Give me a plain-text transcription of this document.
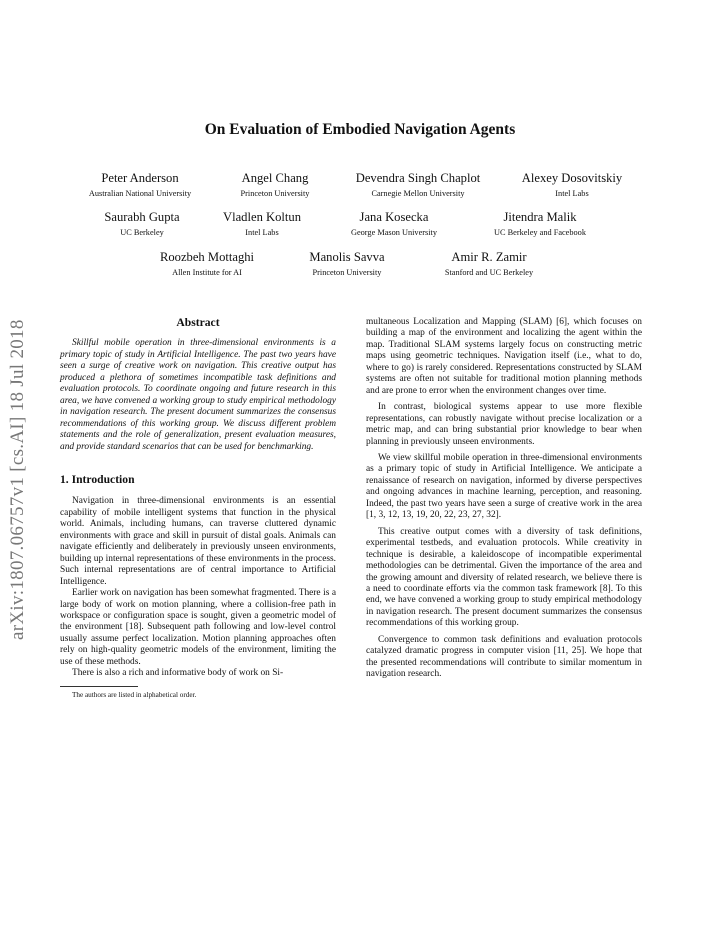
On Evaluation of Embodied Navigation Agents
Peter Anderson
Australian National University
Angel Chang
Princeton University
Devendra Singh Chaplot
Carnegie Mellon University
Alexey Dosovitskiy
Intel Labs
Saurabh Gupta
UC Berkeley
Vladlen Koltun
Intel Labs
Jana Kosecka
George Mason University
Jitendra Malik
UC Berkeley and Facebook
Roozbeh Mottaghi
Allen Institute for AI
Manolis Savva
Princeton University
Amir R. Zamir
Stanford and UC Berkeley
arXiv:1807.06757v1 [cs.AI] 18 Jul 2018	Abstract

Skillful mobile operation in three-dimensional environments is a primary topic of study in Artificial Intelligence. The past two years have seen a surge of creative work on navigation. This creative output has produced a plethora of sometimes incompatible task definitions and evaluation protocols. To coordinate ongoing and future research in this area, we have convened a working group to study empirical methodology in navigation research. The present document summarizes the consensus recommendations of this working group. We discuss different problem statements and the role of generalization, present evaluation measures, and provide standard scenarios that can be used for benchmarking.

1. Introduction

Navigation in three-dimensional environments is an essential capability of mobile intelligent systems that function in the physical world. Animals, including humans, can traverse cluttered dynamic environments with grace and skill in pursuit of distal goals. Animals can navigate efficiently and deliberately in previously unseen environments, building up internal representations of these environments in the process. Such internal representations are of central importance to Artificial Intelligence.

Earlier work on navigation has been somewhat fragmented. There is a large body of work on motion planning, where a collision-free path in workspace or configuration space is sought, given a geometric model of the environment [18]. Subsequent path following and low-level control usually assume perfect localization. Motion planning approaches often rely on high-quality geometric models of the environment, limiting the use of these methods.

There is also a rich and informative body of work on Si-

The authors are listed in alphabetical order.

multaneous Localization and Mapping (SLAM) [6], which focuses on building a map of the environment and localizing the agent within the map. Traditional SLAM systems largely focus on constructing metric maps using geometric techniques. Navigation itself (i.e., what to do, where to go) is rarely considered. Representations constructed by SLAM systems are often not suitable for traditional motion planning methods and are prone to error when the environment changes over time.

In contrast, biological systems appear to use more flexible representations, can robustly navigate without precise localization or a metric map, and can bring substantial prior knowledge to bear when planning in previously unseen environments.

We view skillful mobile operation in three-dimensional environments as a primary topic of study in Artificial Intelligence. We anticipate a renaissance of research on navigation, informed by diverse perspectives and ongoing advances in machine learning, perception, and reasoning. Indeed, the past two years have seen a surge of creative work in the area [1, 3, 12, 13, 19, 20, 22, 23, 27, 32].

This creative output comes with a diversity of task definitions, experimental testbeds, and evaluation protocols. While creativity in technique is desirable, a kaleidoscope of incompatible experimental methodologies can be detrimental. Given the importance of the area and the growing amount and diversity of related research, we believe there is a need to coordinate efforts via the common task framework [8]. To this end, we have convened a working group to study empirical methodology in navigation research. The present document summarizes the consensus recommendations of this working group.

Convergence to common task definitions and evaluation protocols catalyzed dramatic progress in computer vision [11, 25]. We hope that the presented recommendations will contribute to similar momentum in navigation research.
